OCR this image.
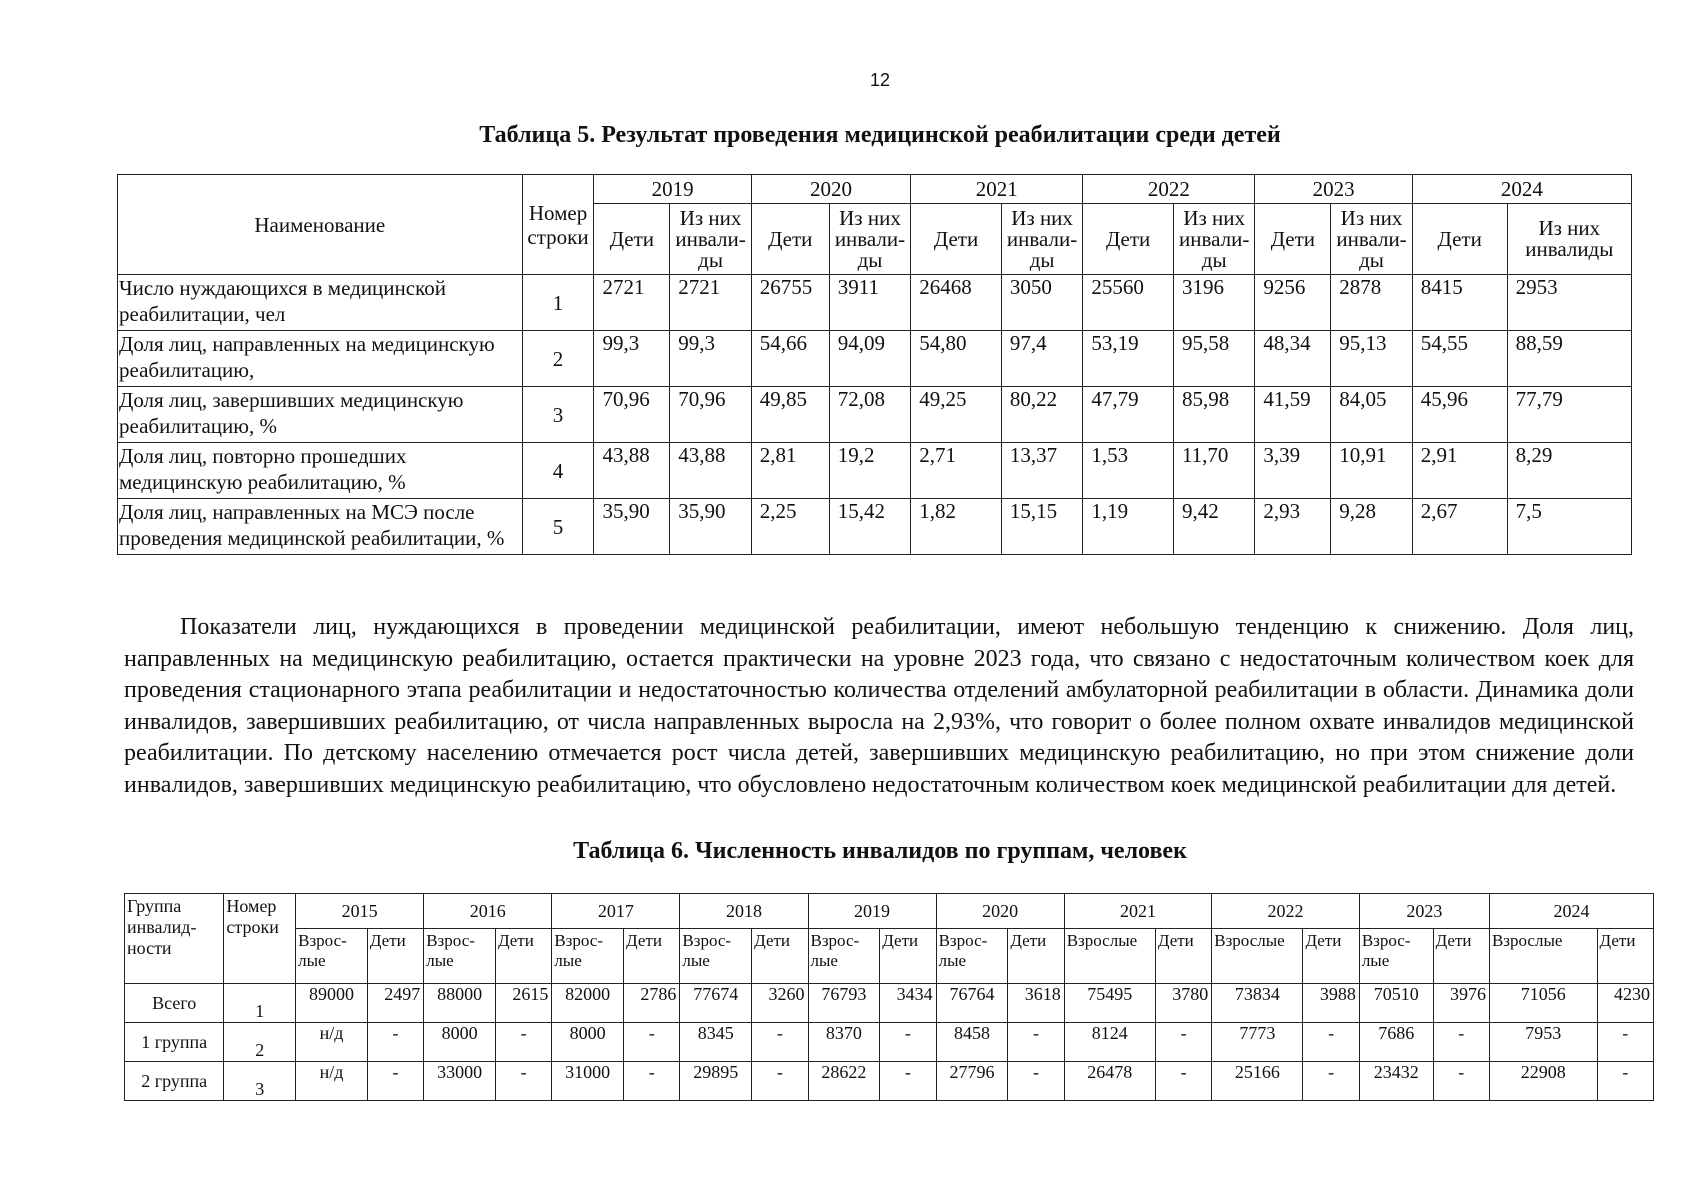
12
Таблица 5. Результат проведения медицинской реабилитации среди детей
Наименование	Номер строки	2019		2020		2021		2022		2023		2024	
		Дети	Из них инвали- ды	Дети	Из них инвали- ды	Дети	Из них инвали- ды	Дети	Из них инвали- ды	Дети	Из них инвали- ды	Дети	Из них инвалиды
Число нуждающихся в медицинской реабилитации, чел	1	2721	2721	26755	3911	26468	3050	25560	3196	9256	2878	8415	2953
Доля лиц, направленных на медицинскую реабилитацию,	2	99,3	99,3	54,66	94,09	54,80	97,4	53,19	95,58	48,34	95,13	54,55	88,59
Доля лиц, завершивших медицинскую реабилитацию, %	3	70,96	70,96	49,85	72,08	49,25	80,22	47,79	85,98	41,59	84,05	45,96	77,79
Доля лиц, повторно прошедших медицинскую реабилитацию, %	4	43,88	43,88	2,81	19,2	2,71	13,37	1,53	11,70	3,39	10,91	2,91	8,29
Доля лиц, направленных на МСЭ после проведения медицинской реабилитации, %	5	35,90	35,90	2,25	15,42	1,82	15,15	1,19	9,42	2,93	9,28	2,67	7,5

Показатели лиц, нуждающихся в проведении медицинской реабилитации, имеют небольшую тенденцию к снижению. Доля лиц, направленных на медицинскую реабилитацию, остается практически на уровне 2023 года, что связано с недостаточным количеством коек для проведения стационарного этапа реабилитации и недостаточностью количества отделений амбулаторной реабилитации в области. Динамика доли инвалидов, завершивших реабилитацию, от числа направленных выросла на 2,93%, что говорит о более полном охвате инвалидов медицинской реабилитации. По детскому населению отмечается рост числа детей, завершивших медицинскую реабилитацию, но при этом снижение доли инвалидов, завершивших медицинскую реабилитацию, что обусловлено недостаточным количеством коек медицинской реабилитации для детей.

Таблица 6. Численность инвалидов по группам, человек
Группа инвалид- ности	Номер строки	2015		2016		2017		2018		2019		2020		2021		2022		2023		2024	
		Взрос- лые	Дети	Взрос- лые	Дети	Взрос- лые	Дети	Взрос- лые	Дети	Взрос- лые	Дети	Взрос- лые	Дети	Взрослые	Дети	Взрослые	Дети	Взрос- лые	Дети	Взрослые	Дети
Всего	1	89000	2497	88000	2615	82000	2786	77674	3260	76793	3434	76764	3618	75495	3780	73834	3988	70510	3976	71056	4230
1 группа	2	н/д	-	8000	-	8000	-	8345	-	8370	-	8458	-	8124	-	7773	-	7686	-	7953	-
2 группа	3	н/д	-	33000	-	31000	-	29895	-	28622	-	27796	-	26478	-	25166	-	23432	-	22908	-
